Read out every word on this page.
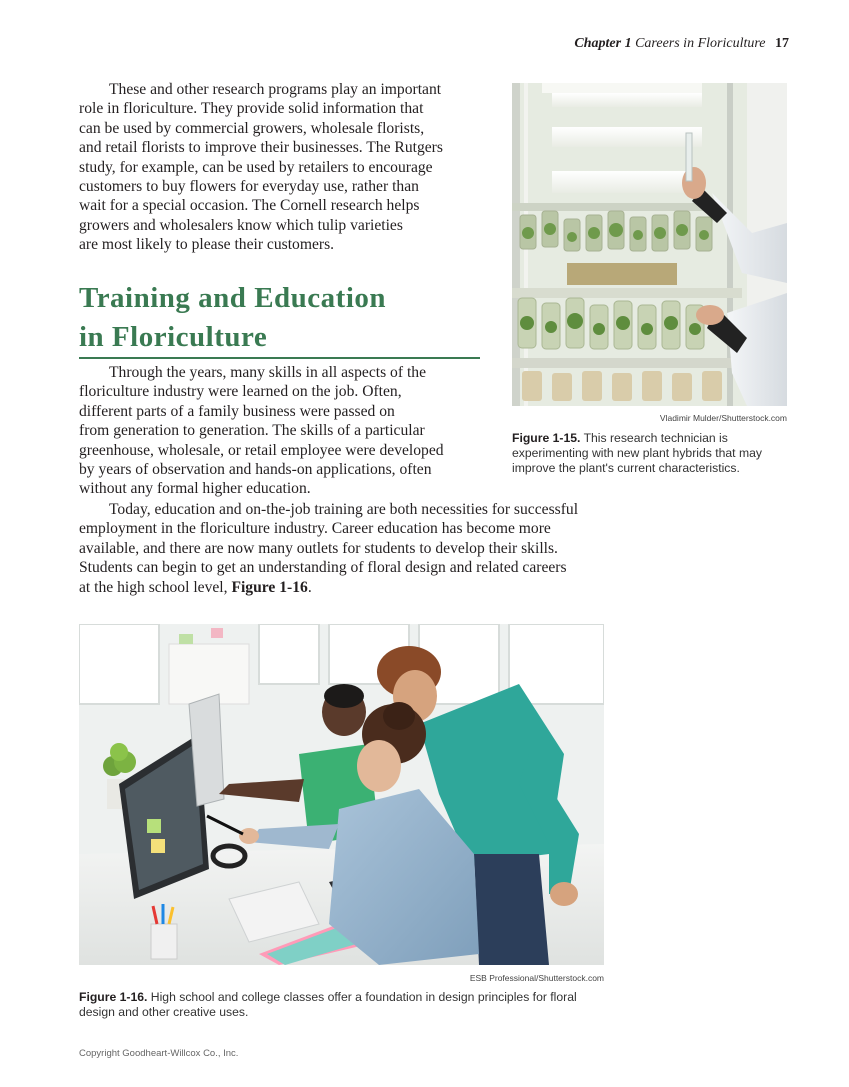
Chapter 1 Careers in Floriculture 17

These and other research programs play an important
role in floriculture. They provide solid information that
can be used by commercial growers, wholesale florists,
and retail florists to improve their businesses. The Rutgers
study, for example, can be used by retailers to encourage
customers to buy flowers for everyday use, rather than
wait for a special occasion. The Cornell research helps
growers and wholesalers know which tulip varieties
are most likely to please their customers.

Training and Education
in Floriculture

Through the years, many skills in all aspects of the
floriculture industry were learned on the job. Often,
different parts of a family business were passed on
from generation to generation. The skills of a particular
greenhouse, wholesale, or retail employee were developed
by years of observation and hands-on applications, often
without any formal higher education.

Today, education and on-the-job training are both necessities for successful
employment in the floriculture industry. Career education has become more
available, and there are now many outlets for students to develop their skills.
Students can begin to get an understanding of floral design and related careers
at the high school level, Figure 1-16.

Vladimir Mulder/Shutterstock.com
Figure 1-15. This research technician is experimenting with new plant hybrids that may improve the plant's current characteristics.
ESB Professional/Shutterstock.com
Figure 1-16. High school and college classes offer a foundation in design principles for floral design and other creative uses.
Copyright Goodheart-Willcox Co., Inc.
